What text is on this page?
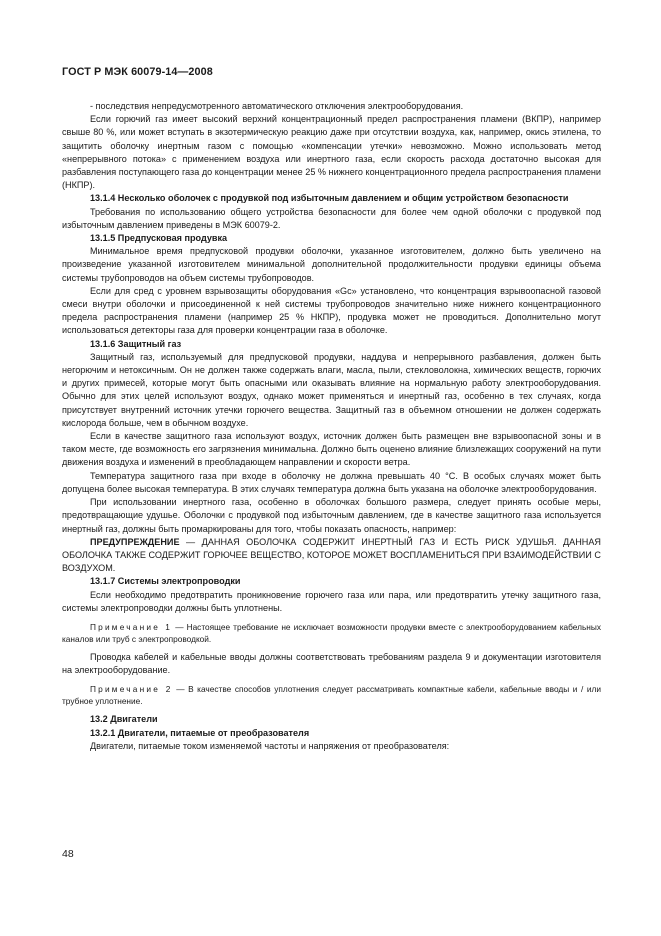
ГОСТ Р МЭК 60079-14—2008

- последствия непредусмотренного автоматического отключения электрооборудования.

Если горючий газ имеет высокий верхний концентрационный предел распространения пламени (ВКПР), например свыше 80 %, или может вступать в экзотермическую реакцию даже при отсутствии воздуха, как, например, окись этилена, то защитить оболочку инертным газом с помощью «компенсации утечки» невозможно. Можно использовать метод «непрерывного потока» с применением воздуха или инертного газа, если скорость расхода достаточно высокая для разбавления поступающего газа до концентрации менее 25 % нижнего концентрационного предела распространения пламени (НКПР).

13.1.4 Несколько оболочек с продувкой под избыточным давлением и общим устройством безопасности

Требования по использованию общего устройства безопасности для более чем одной оболочки с продувкой под избыточным давлением приведены в МЭК 60079-2.

13.1.5 Предпусковая продувка

Минимальное время предпусковой продувки оболочки, указанное изготовителем, должно быть увеличено на произведение указанной изготовителем минимальной дополнительной продолжительности продувки единицы объема системы трубопроводов на объем системы трубопроводов.

Если для сред с уровнем взрывозащиты оборудования «Gc» установлено, что концентрация взрывоопасной газовой смеси внутри оболочки и присоединенной к ней системы трубопроводов значительно ниже нижнего концентрационного предела распространения пламени (например 25 % НКПР), продувка может не проводиться. Дополнительно могут использоваться детекторы газа для проверки концентрации газа в оболочке.

13.1.6 Защитный газ

Защитный газ, используемый для предпусковой продувки, наддува и непрерывного разбавления, должен быть негорючим и нетоксичным. Он не должен также содержать влаги, масла, пыли, стекловолокна, химических веществ, горючих и других примесей, которые могут быть опасными или оказывать влияние на нормальную работу электрооборудования. Обычно для этих целей используют воздух, однако может применяться и инертный газ, особенно в тех случаях, когда присутствует внутренний источник утечки горючего вещества. Защитный газ в объемном отношении не должен содержать кислорода больше, чем в обычном воздухе.

Если в качестве защитного газа используют воздух, источник должен быть размещен вне взрывоопасной зоны и в таком месте, где возможность его загрязнения минимальна. Должно быть оценено влияние близлежащих сооружений на пути движения воздуха и изменений в преобладающем направлении и скорости ветра.

Температура защитного газа при входе в оболочку не должна превышать 40 °С. В особых случаях может быть допущена более высокая температура. В этих случаях температура должна быть указана на оболочке электрооборудования.

При использовании инертного газа, особенно в оболочках большого размера, следует принять особые меры, предотвращающие удушье. Оболочки с продувкой под избыточным давлением, где в качестве защитного газа используется инертный газ, должны быть промаркированы для того, чтобы показать опасность, например:

ПРЕДУПРЕЖДЕНИЕ — ДАННАЯ ОБОЛОЧКА СОДЕРЖИТ ИНЕРТНЫЙ ГАЗ И ЕСТЬ РИСК УДУШЬЯ. ДАННАЯ ОБОЛОЧКА ТАКЖЕ СОДЕРЖИТ ГОРЮЧЕЕ ВЕЩЕСТВО, КОТОРОЕ МОЖЕТ ВОСПЛАМЕНИТЬСЯ ПРИ ВЗАИМОДЕЙСТВИИ С ВОЗДУХОМ.

13.1.7 Системы электропроводки

Если необходимо предотвратить проникновение горючего газа или пара, или предотвратить утечку защитного газа, системы электропроводки должны быть уплотнены.

Примечание 1 — Настоящее требование не исключает возможности продувки вместе с электрооборудованием кабельных каналов или труб с электропроводкой.

Проводка кабелей и кабельные вводы должны соответствовать требованиям раздела 9 и документации изготовителя на электрооборудование.

Примечание 2 — В качестве способов уплотнения следует рассматривать компактные кабели, кабельные вводы и / или трубное уплотнение.

13.2 Двигатели
13.2.1 Двигатели, питаемые от преобразователя

Двигатели, питаемые током изменяемой частоты и напряжения от преобразователя:

48
